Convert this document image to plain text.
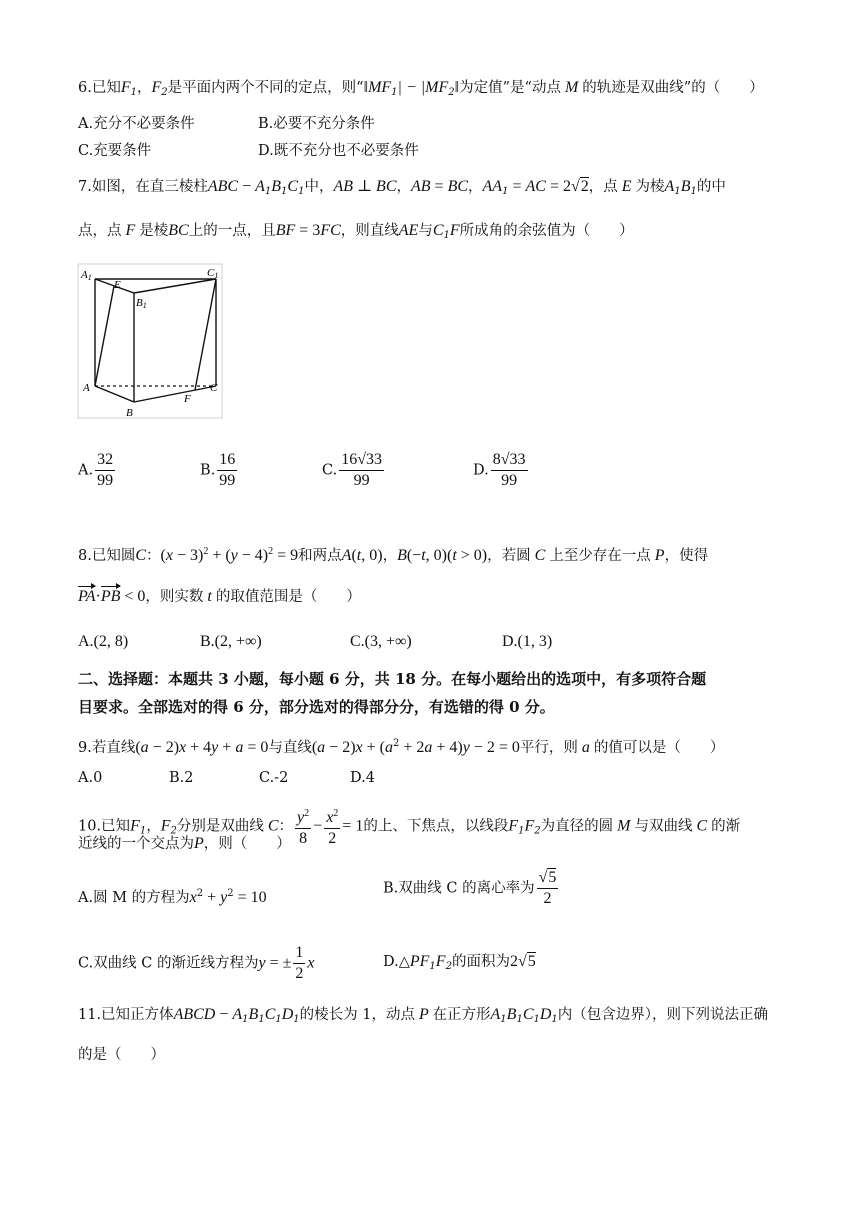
6.已知$F_1$，$F_2$是平面内两个不同的定点，则“$‖MF_1|$ − $|MF_2‖$为定值”是“动点 M 的轨迹是双曲线”的（　　）
A.充分不必要条件	B.必要不充分条件
C.充要条件	D.既不充分也不必要条件
7.如图，在直三棱柱ABC − $A_1B_1C_1$中，AB ⊥ BC，AB = BC，$AA_1$ = AC = 2√2，点 E 为棱$A_1B_1$的中
点，点 F 是棱BC上的一点，且BF = 3FC，则直线AE与$C_1F$所成角的余弦值为（　　）
A1
E
B1
C1
A	C
F
B
A. $\frac{32}{99}$	B. $\frac{16}{99}$	C. $\frac{16√33}{99}$	D. $\frac{8√33}{99}$
8.已知圆C：$(x - 3)^2 + (y - 4)^2 = 9$和两点A(t, 0)，B(−t, 0)(t > 0)，若圆 C 上至少存在一点 P，使得
PA·PB < 0，则实数 t 的取值范围是（　　）
A.(2, 8)	B.(2, +∞)	C.(3, +∞)	D.(1, 3)
二、选择题：本题共 3 小题，每小题 6 分，共 18 分。在每小题给出的选项中，有多项符合题
目要求。全部选对的得 6 分，部分选对的得部分分，有选错的得 0 分。
9.若直线(a − 2)x + 4y + a = 0与直线$(a - 2)x + (a^2 + 2a + 4)y - 2 = 0$平行，则 a 的值可以是（　　）
A.0	B.2	C.-2	D.4
10.已知$F_1$，$F_2$分别是双曲线 C： $\frac{y^2}{8} - \frac{x^2}{2} = 1$的上、下焦点，以线段$F_1F_2$为直径的圆 M 与双曲线 C 的渐
近线的一个交点为P，则（　　）
A.圆 M 的方程为$x^2 + y^2 = 10$
B.双曲线 C 的离心率为 $\frac{√5}{2}$
C.双曲线 C 的渐近线方程为y = ± $\frac{1}{2}$ x	$D.\triangle PF_1F_2$的面积为2√5
11.已知正方体ABCD − $A_1B_1C_1D_1$的棱长为 1，动点 P 在正方形$A_1B_1C_1D_1$内（包含边界），则下列说法正确
的是（　　）
